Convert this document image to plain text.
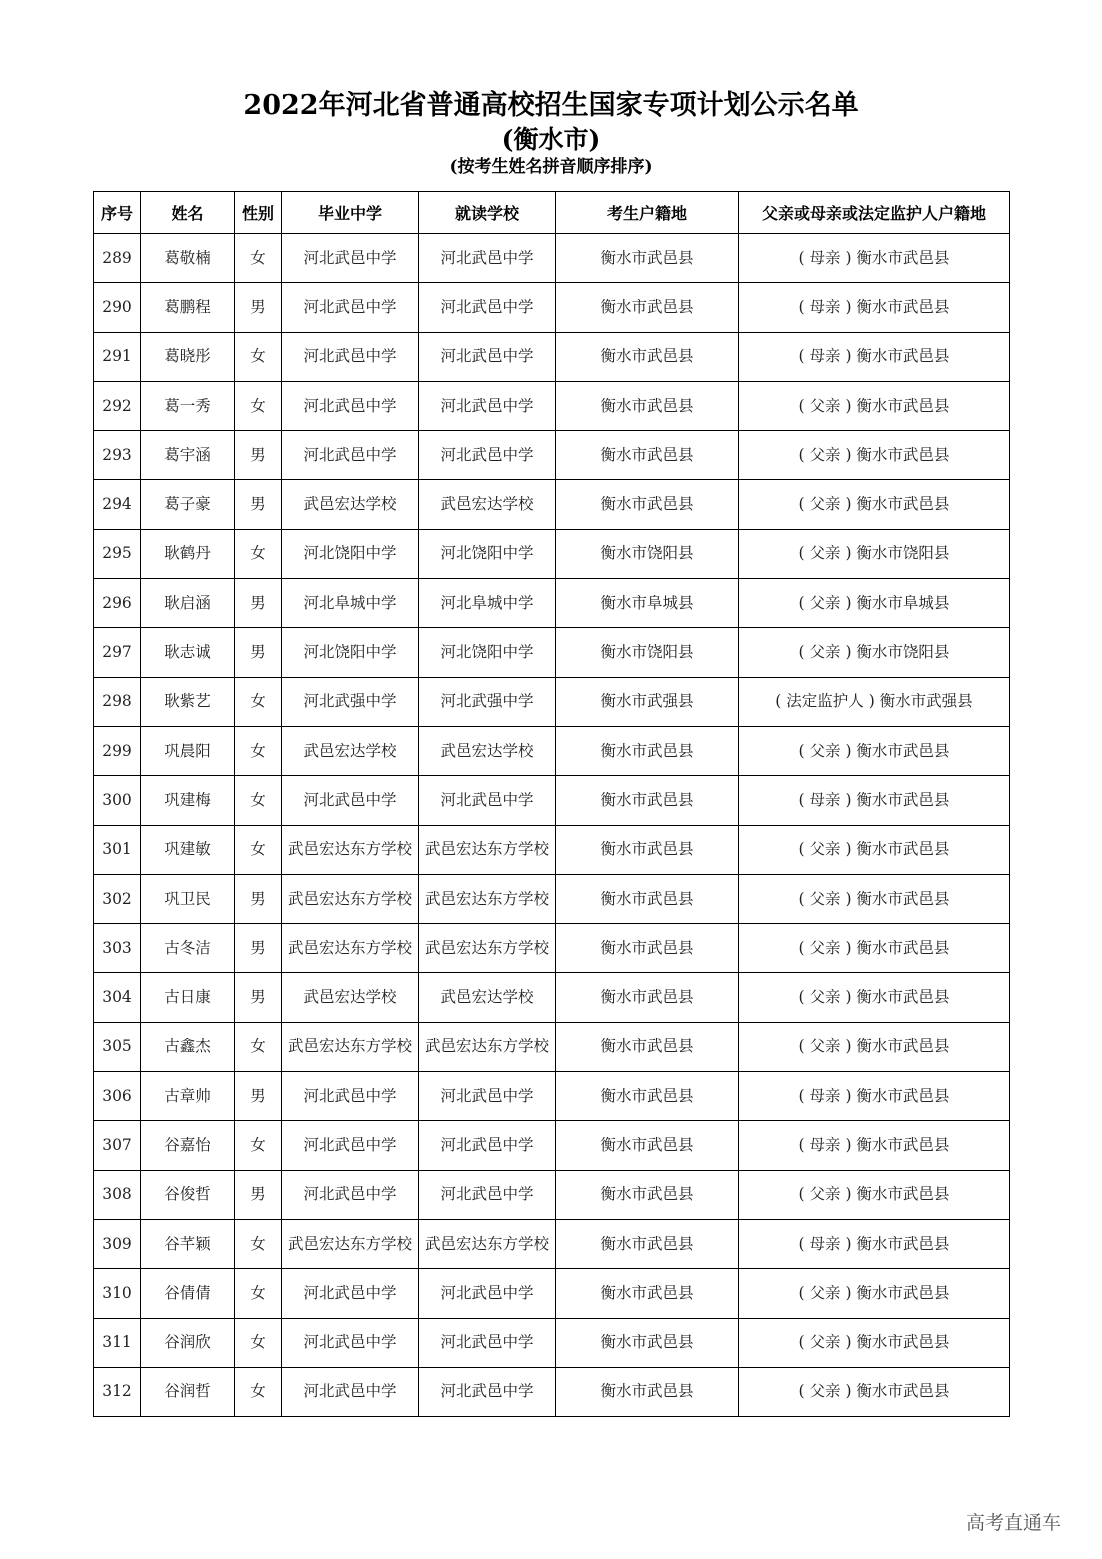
2022年河北省普通高校招生国家专项计划公示名单
(衡水市)
(按考生姓名拼音顺序排序)
序号	姓名	性别	毕业中学	就读学校	考生户籍地	父亲或母亲或法定监护人户籍地
289	葛敬楠	女	河北武邑中学	河北武邑中学	衡水市武邑县	( 母亲 ) 衡水市武邑县
290	葛鹏程	男	河北武邑中学	河北武邑中学	衡水市武邑县	( 母亲 ) 衡水市武邑县
291	葛晓彤	女	河北武邑中学	河北武邑中学	衡水市武邑县	( 母亲 ) 衡水市武邑县
292	葛一秀	女	河北武邑中学	河北武邑中学	衡水市武邑县	( 父亲 ) 衡水市武邑县
293	葛宇涵	男	河北武邑中学	河北武邑中学	衡水市武邑县	( 父亲 ) 衡水市武邑县
294	葛子豪	男	武邑宏达学校	武邑宏达学校	衡水市武邑县	( 父亲 ) 衡水市武邑县
295	耿鹤丹	女	河北饶阳中学	河北饶阳中学	衡水市饶阳县	( 父亲 ) 衡水市饶阳县
296	耿启涵	男	河北阜城中学	河北阜城中学	衡水市阜城县	( 父亲 ) 衡水市阜城县
297	耿志诚	男	河北饶阳中学	河北饶阳中学	衡水市饶阳县	( 父亲 ) 衡水市饶阳县
298	耿紫艺	女	河北武强中学	河北武强中学	衡水市武强县	( 法定监护人 ) 衡水市武强县
299	巩晨阳	女	武邑宏达学校	武邑宏达学校	衡水市武邑县	( 父亲 ) 衡水市武邑县
300	巩建梅	女	河北武邑中学	河北武邑中学	衡水市武邑县	( 母亲 ) 衡水市武邑县
301	巩建敏	女	武邑宏达东方学校	武邑宏达东方学校	衡水市武邑县	( 父亲 ) 衡水市武邑县
302	巩卫民	男	武邑宏达东方学校	武邑宏达东方学校	衡水市武邑县	( 父亲 ) 衡水市武邑县
303	古冬洁	男	武邑宏达东方学校	武邑宏达东方学校	衡水市武邑县	( 父亲 ) 衡水市武邑县
304	古日康	男	武邑宏达学校	武邑宏达学校	衡水市武邑县	( 父亲 ) 衡水市武邑县
305	古鑫杰	女	武邑宏达东方学校	武邑宏达东方学校	衡水市武邑县	( 父亲 ) 衡水市武邑县
306	古章帅	男	河北武邑中学	河北武邑中学	衡水市武邑县	( 母亲 ) 衡水市武邑县
307	谷嘉怡	女	河北武邑中学	河北武邑中学	衡水市武邑县	( 母亲 ) 衡水市武邑县
308	谷俊哲	男	河北武邑中学	河北武邑中学	衡水市武邑县	( 父亲 ) 衡水市武邑县
309	谷芊颖	女	武邑宏达东方学校	武邑宏达东方学校	衡水市武邑县	( 母亲 ) 衡水市武邑县
310	谷倩倩	女	河北武邑中学	河北武邑中学	衡水市武邑县	( 父亲 ) 衡水市武邑县
311	谷润欣	女	河北武邑中学	河北武邑中学	衡水市武邑县	( 父亲 ) 衡水市武邑县
312	谷润哲	女	河北武邑中学	河北武邑中学	衡水市武邑县	( 父亲 ) 衡水市武邑县
高考直通车
